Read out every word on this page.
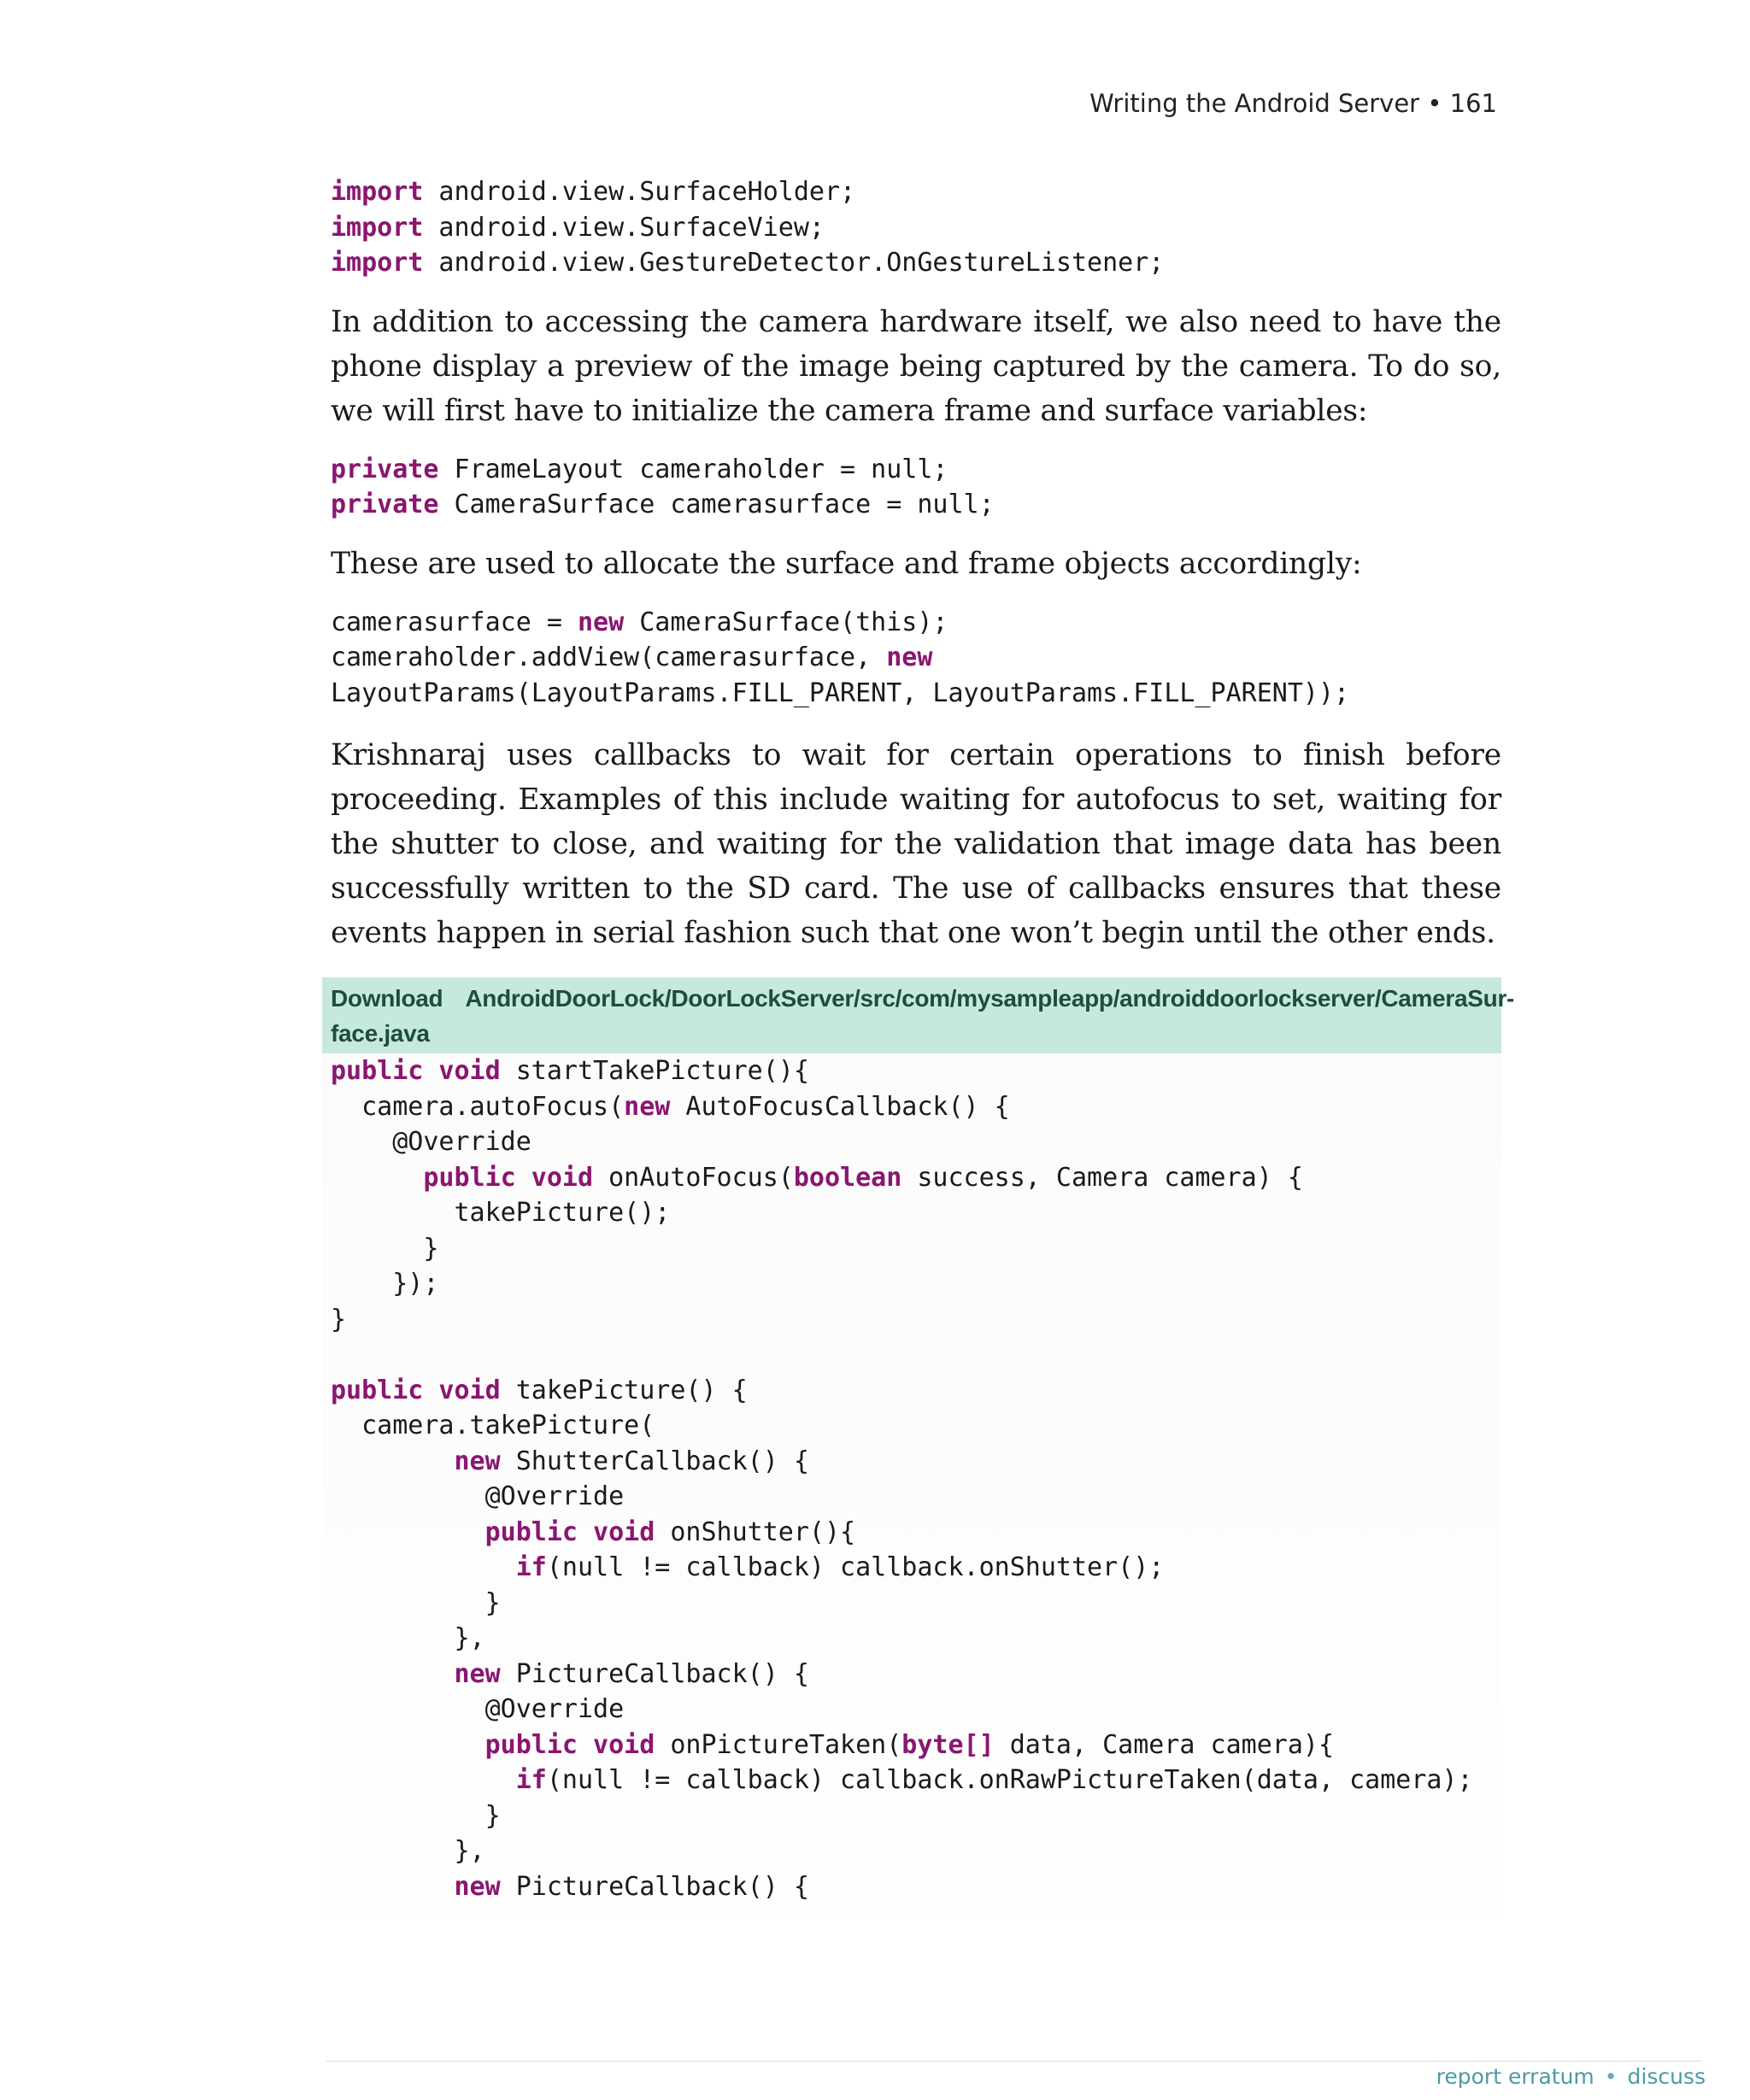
Writing the Android Server • 161
import android.view.SurfaceHolder;
import android.view.SurfaceView;
import android.view.GestureDetector.OnGestureListener;

In addition to accessing the camera hardware itself, we also need to have the phone display a preview of the image being captured by the camera. To do so, we will first have to initialize the camera frame and surface variables:

private FrameLayout cameraholder = null;
private CameraSurface camerasurface = null;

These are used to allocate the surface and frame objects accordingly:

camerasurface = new CameraSurface(this);
cameraholder.addView(camerasurface, new
LayoutParams(LayoutParams.FILL_PARENT, LayoutParams.FILL_PARENT));

Krishnaraj uses callbacks to wait for certain operations to finish before proceeding. Examples of this include waiting for autofocus to set, waiting for the shutter to close, and waiting for the validation that image data has been successfully written to the SD card. The use of callbacks ensures that these events happen in serial fashion such that one won’t begin until the other ends.

Download AndroidDoorLock/DoorLockServer/src/com/mysampleapp/androiddoorlockserver/CameraSur- face.java
public void startTakePicture(){
camera.autoFocus(new AutoFocusCallback() {
@Override
public void onAutoFocus(boolean success, Camera camera) {
takePicture();
}
});
}

public void takePicture() {
camera.takePicture(
new ShutterCallback() {
@Override
public void onShutter(){
if(null != callback) callback.onShutter();
}
},
new PictureCallback() {
@Override
public void onPictureTaken(byte[] data, Camera camera){
if(null != callback) callback.onRawPictureTaken(data, camera);
}
},
new PictureCallback() {
report erratum • discuss
